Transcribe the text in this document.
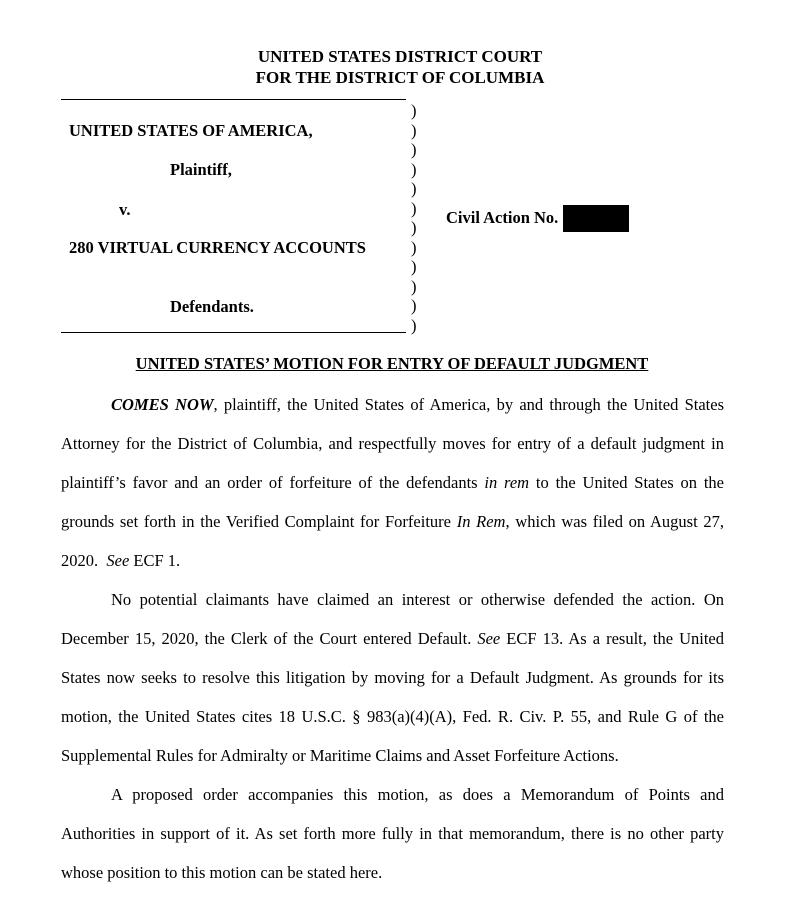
UNITED STATES DISTRICT COURT
FOR THE DISTRICT OF COLUMBIA
UNITED STATES OF AMERICA,
Plaintiff,
v.
280 VIRTUAL CURRENCY ACCOUNTS
Defendants.
)
)
)
)
)
)
)
)
)
)
)
)
Civil Action No.
UNITED STATES’ MOTION FOR ENTRY OF DEFAULT JUDGMENT
COMES NOW, plaintiff, the United States of America, by and through the United States
Attorney for the District of Columbia, and respectfully moves for entry of a default judgment in
plaintiff’s favor and an order of forfeiture of the defendants in rem to the United States on the
grounds set forth in the Verified Complaint for Forfeiture In Rem, which was filed on August 27,
2020.  See ECF 1.
No potential claimants have claimed an interest or otherwise defended the action. On
December 15, 2020, the Clerk of the Court entered Default. See ECF 13. As a result, the United
States now seeks to resolve this litigation by moving for a Default Judgment. As grounds for its
motion, the United States cites 18 U.S.C. § 983(a)(4)(A), Fed. R. Civ. P. 55, and Rule G of the
Supplemental Rules for Admiralty or Maritime Claims and Asset Forfeiture Actions.
A proposed order accompanies this motion, as does a Memorandum of Points and
Authorities in support of it. As set forth more fully in that memorandum, there is no other party
whose position to this motion can be stated here.
